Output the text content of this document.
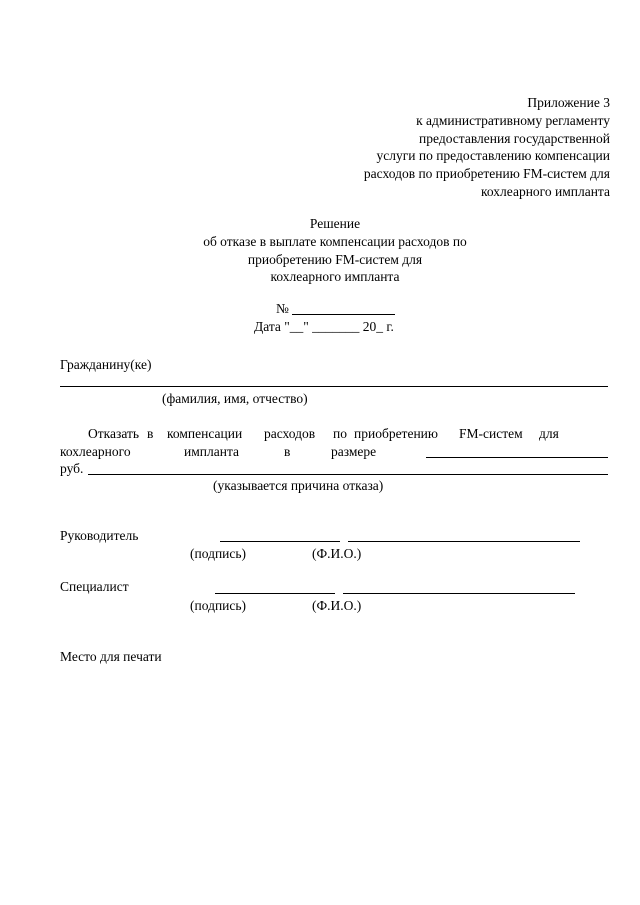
Приложение 3
к административному регламенту
предоставления государственной
услуги по предоставлению компенсации
расходов по приобретению FM-систем для
кохлеарного импланта
Решение
об отказе в выплате компенсации расходов по
приобретению FM-систем для
кохлеарного импланта
№
Дата "__" _______ 20_ г.
Гражданину(ке)
(фамилия, имя, отчество)
Отказать в компенсации расходов по приобретению FM-систем для
кохлеарного	импланта	в	размере
руб.
(указывается причина отказа)
Руководитель
(подпись)	(Ф.И.О.)
Специалист
(подпись)	(Ф.И.О.)
Место для печати
